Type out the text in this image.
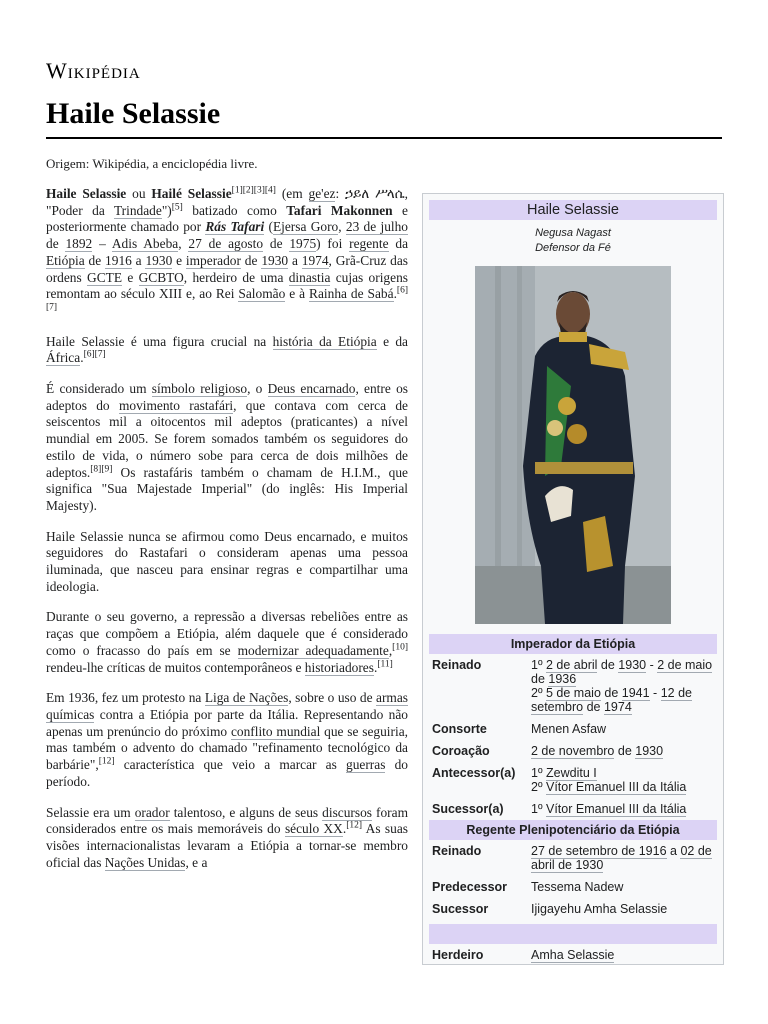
Wikipédia
Haile Selassie
Origem: Wikipédia, a enciclopédia livre.

Haile Selassie ou Hailé Selassie[1][2][3][4] (em ge'ez: ኃይለ ሥላሴ, "Poder da Trindade")[5] batizado como Tafari Makonnen e posteriormente chamado por Rás Tafari (Ejersa Goro, 23 de julho de 1892 – Adis Abeba, 27 de agosto de 1975) foi regente da Etiópia de 1916 a 1930 e imperador de 1930 a 1974, Grã-Cruz das ordens GCTE e GCBTO, herdeiro de uma dinastia cujas origens remontam ao século XIII e, ao Rei Salomão e à Rainha de Sabá.[6][7]

Haile Selassie é uma figura crucial na história da Etiópia e da África.[6][7]

É considerado um símbolo religioso, o Deus encarnado, entre os adeptos do movimento rastafári, que contava com cerca de seiscentos mil a oitocentos mil adeptos (praticantes) a nível mundial em 2005. Se forem somados também os seguidores do estilo de vida, o número sobe para cerca de dois milhões de adeptos.[8][9] Os rastafáris também o chamam de H.I.M., que significa "Sua Majestade Imperial" (do inglês: His Imperial Majesty).

Haile Selassie nunca se afirmou como Deus encarnado, e muitos seguidores do Rastafari o consideram apenas uma pessoa iluminada, que nasceu para ensinar regras e compartilhar uma ideologia.

Durante o seu governo, a repressão a diversas rebeliões entre as raças que compõem a Etiópia, além daquele que é considerado como o fracasso do país em se modernizar adequadamente,[10] rendeu-lhe críticas de muitos contemporâneos e historiadores.[11]

Em 1936, fez um protesto na Liga de Nações, sobre o uso de armas químicas contra a Etiópia por parte da Itália. Representando não apenas um prenúncio do próximo conflito mundial que se seguiria, mas também o advento do chamado "refinamento tecnológico da barbárie",[12] característica que veio a marcar as guerras do período.

Selassie era um orador talentoso, e alguns de seus discursos foram considerados entre os mais memoráveis do século XX.[12] As suas visões internacionalistas levaram a Etiópia a tornar-se membro oficial das Nações Unidas, e a

Haile Selassie
Negusa Nagast
Defensor da Fé
Imperador da Etiópia
Reinado	1º 2 de abril de 1930 - 2 de maio de 1936
2º 5 de maio de 1941 - 12 de setembro de 1974
Consorte	Menen Asfaw
Coroação	2 de novembro de 1930
Antecessor(a)	1º Zewditu I
2º Vítor Emanuel III da Itália
Sucessor(a)	1º Vítor Emanuel III da Itália
Regente Plenipotenciário da Etiópia
Reinado	27 de setembro de 1916 a 02 de abril de 1930
Predecessor	Tessema Nadew
Sucessor	Ijigayehu Amha Selassie
Herdeiro	Amha Selassie
